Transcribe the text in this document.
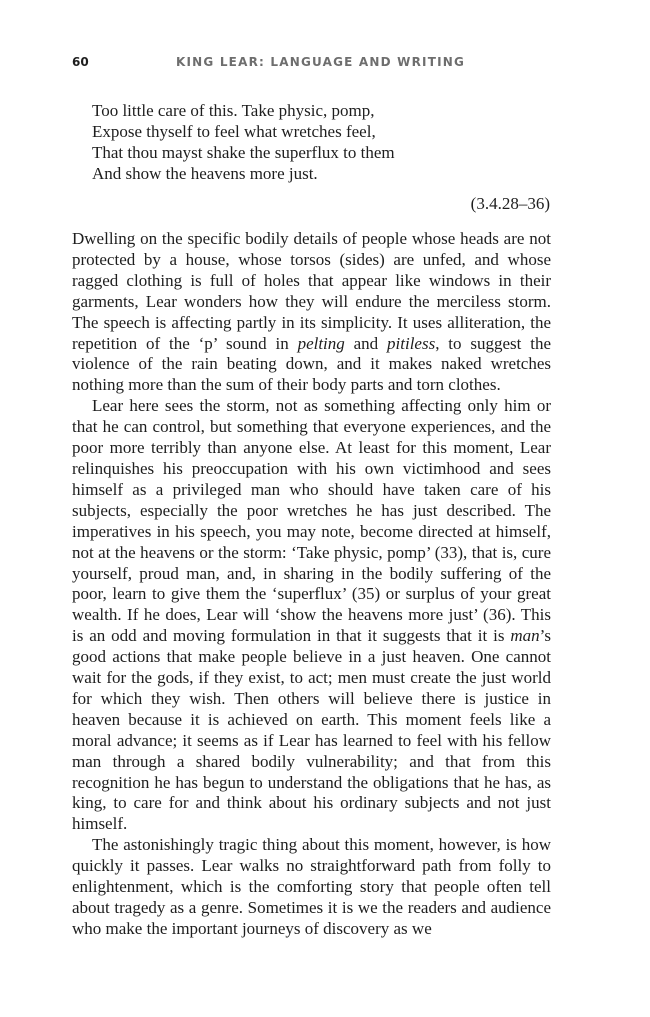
60	KING LEAR: LANGUAGE AND WRITING
Too little care of this. Take physic, pomp,
Expose thyself to feel what wretches feel,
That thou mayst shake the superflux to them
And show the heavens more just.
(3.4.28–36)

Dwelling on the specific bodily details of people whose heads are not protected by a house, whose torsos (sides) are unfed, and whose ragged clothing is full of holes that appear like windows in their garments, Lear wonders how they will endure the merciless storm. The speech is affecting partly in its simplicity. It uses alliteration, the repetition of the ‘p’ sound in pelting and pitiless, to suggest the violence of the rain beating down, and it makes naked wretches nothing more than the sum of their body parts and torn clothes.

Lear here sees the storm, not as something affecting only him or that he can control, but something that everyone experiences, and the poor more terribly than anyone else. At least for this moment, Lear relinquishes his preoccupation with his own victimhood and sees himself as a privileged man who should have taken care of his subjects, especially the poor wretches he has just described. The imperatives in his speech, you may note, become directed at himself, not at the heavens or the storm: ‘Take physic, pomp’ (33), that is, cure yourself, proud man, and, in sharing in the bodily suffering of the poor, learn to give them the ‘superflux’ (35) or surplus of your great wealth. If he does, Lear will ‘show the heavens more just’ (36). This is an odd and moving formulation in that it suggests that it is man’s good actions that make people believe in a just heaven. One cannot wait for the gods, if they exist, to act; men must create the just world for which they wish. Then others will believe there is justice in heaven because it is achieved on earth. This moment feels like a moral advance; it seems as if Lear has learned to feel with his fellow man through a shared bodily vulnerability; and that from this recognition he has begun to understand the obligations that he has, as king, to care for and think about his ordinary subjects and not just himself.

The astonishingly tragic thing about this moment, however, is how quickly it passes. Lear walks no straightforward path from folly to enlightenment, which is the comforting story that people often tell about tragedy as a genre. Sometimes it is we the readers and audience who make the important journeys of discovery as we
